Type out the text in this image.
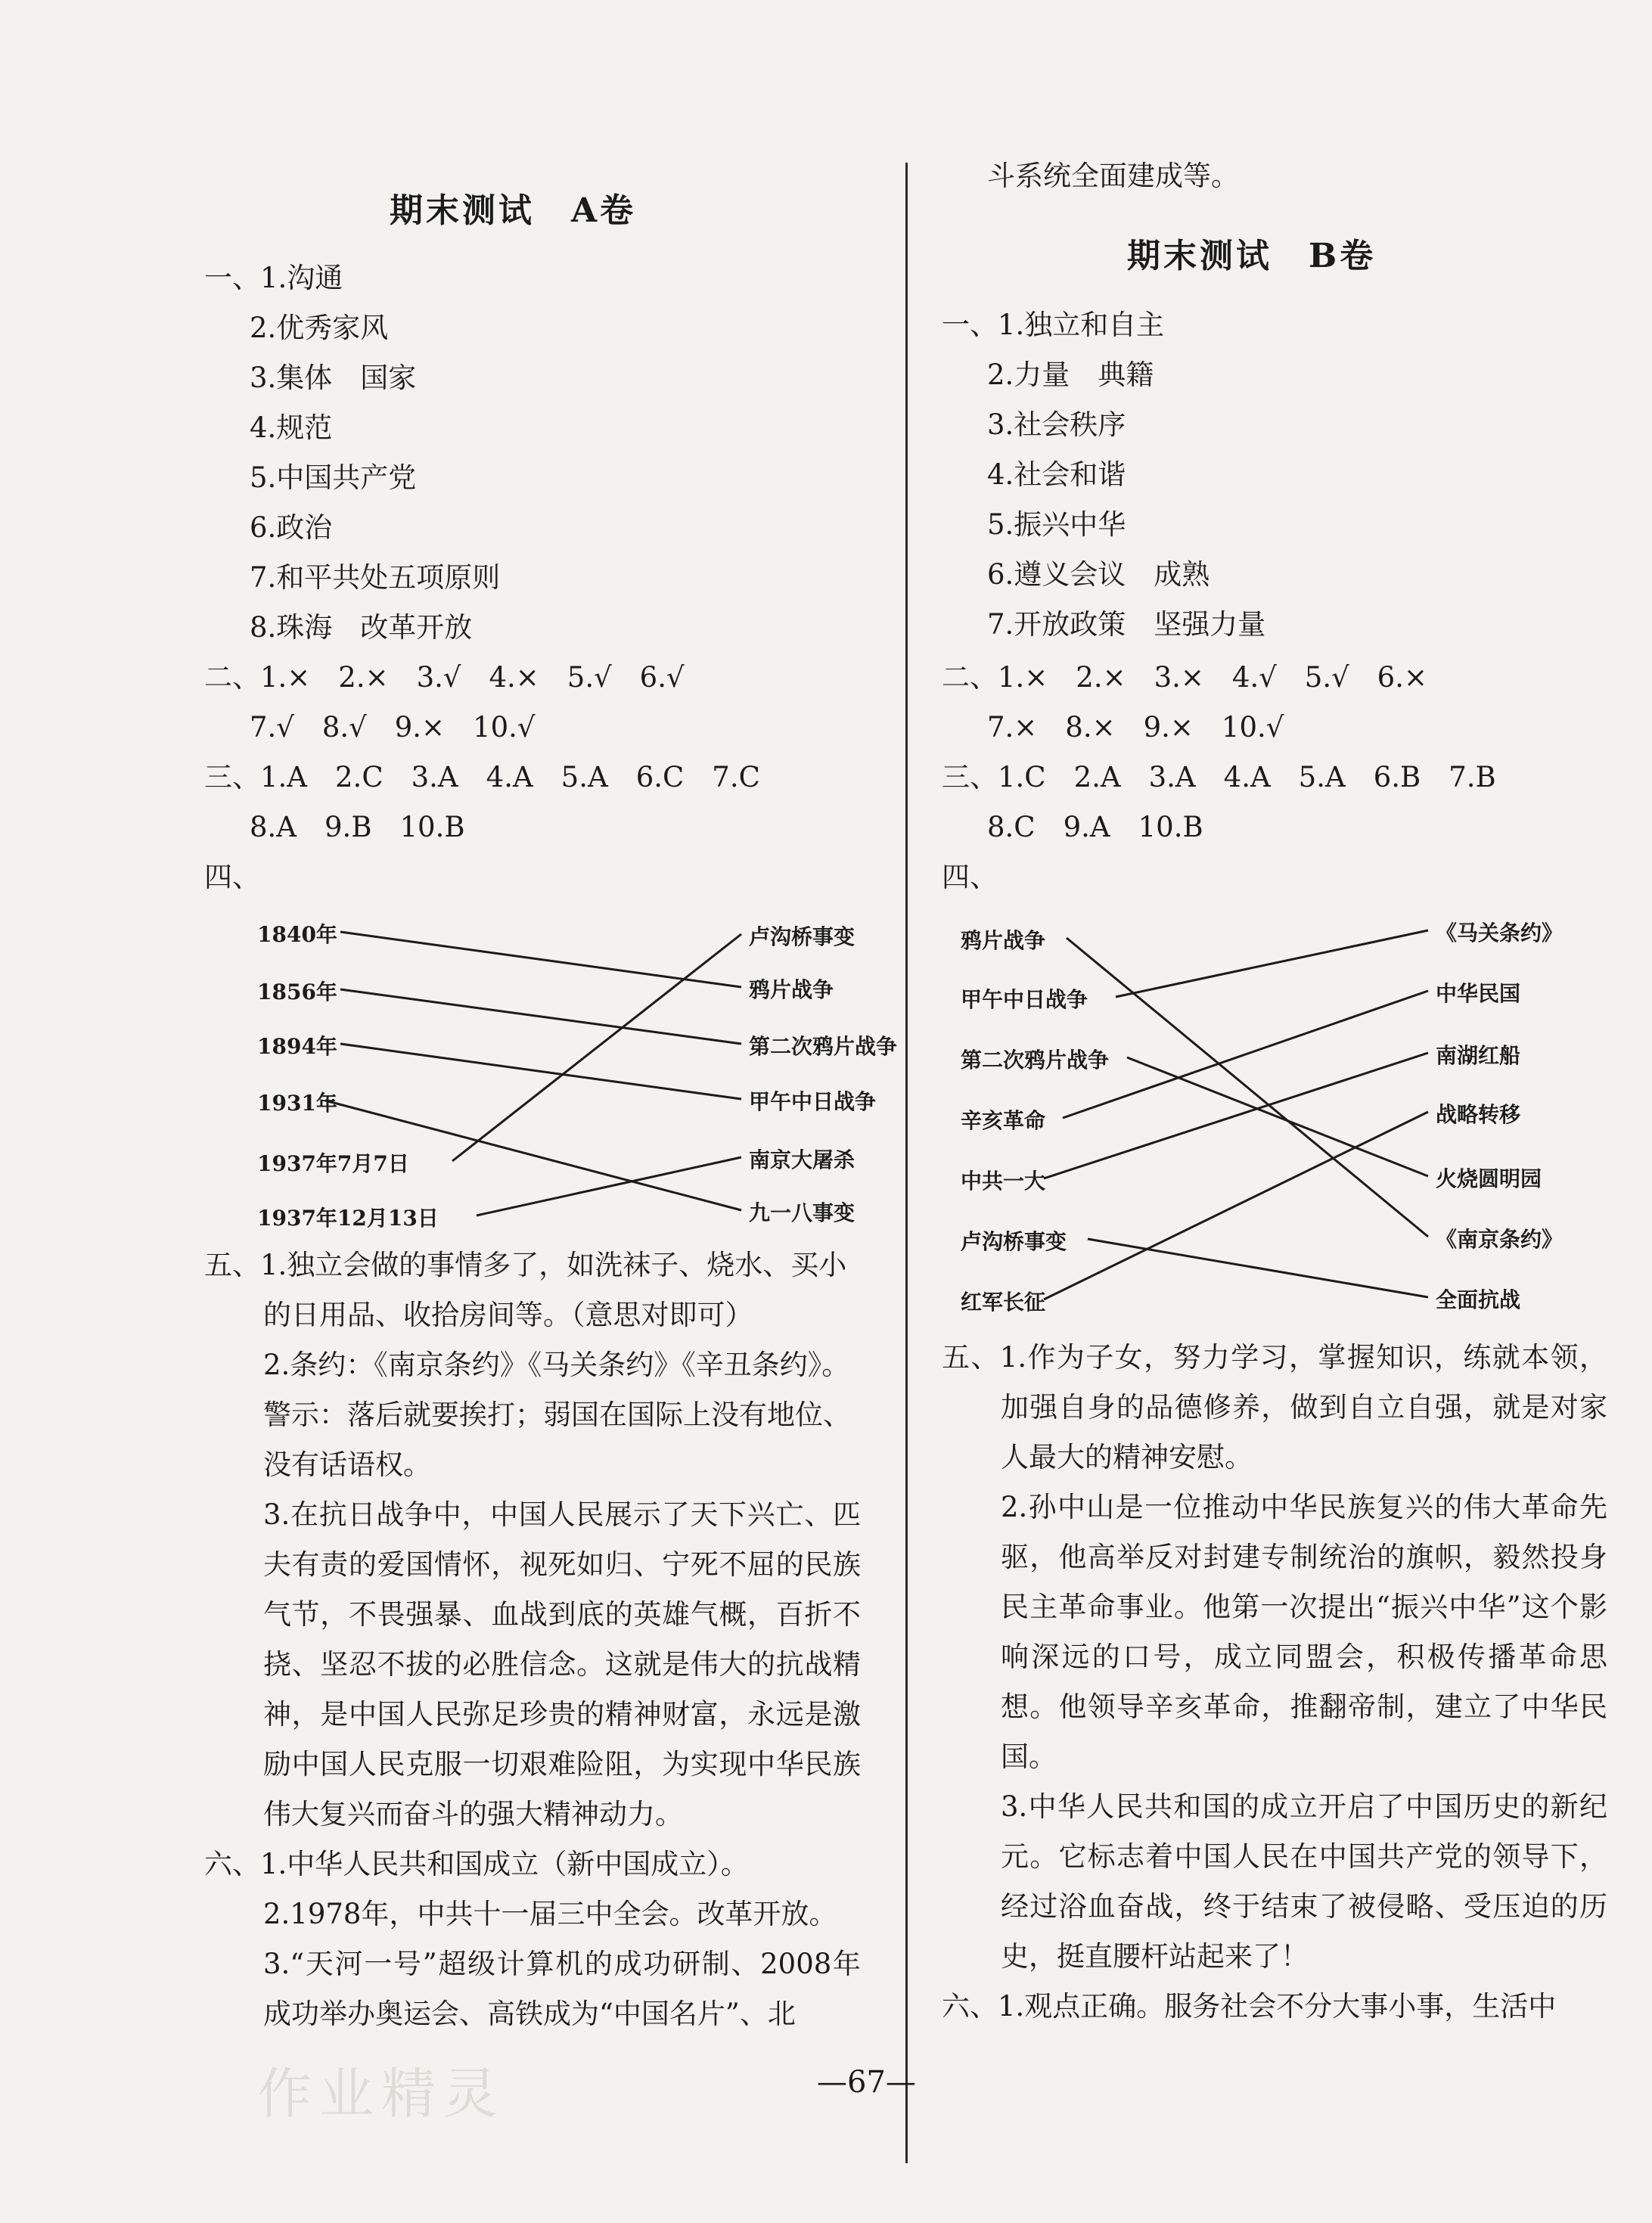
期末测试　A卷
一、1.沟通
2.优秀家风
3.集体　国家
4.规范
5.中国共产党
6.政治
7.和平共处五项原则
8.珠海　改革开放
二、1.×　2.×　3.√　4.×　5.√　6.√
7.√　8.√　9.×　10.√
三、1.A　2.C　3.A　4.A　5.A　6.C　7.C
8.A　9.B　10.B
四、
1840年
1856年
1894年
1931年
1937年7月7日
1937年12月13日
卢沟桥事变
鸦片战争
第二次鸦片战争
甲午中日战争
南京大屠杀
九一八事变
五、1.独立会做的事情多了，如洗袜子、烧水、买小
的日用品、收拾房间等。（意思对即可）
2.条约：《南京条约》《马关条约》《辛丑条约》。
警示：落后就要挨打；弱国在国际上没有地位、
没有话语权。
3.在抗日战争中，中国人民展示了天下兴亡、匹夫有责的爱国情怀，视死如归、宁死不屈的民族气节，不畏强暴、血战到底的英雄气概，百折不挠、坚忍不拔的必胜信念。这就是伟大的抗战精神，是中国人民弥足珍贵的精神财富，永远是激励中国人民克服一切艰难险阻，为实现中华民族伟大复兴而奋斗的强大精神动力。
六、1.中华人民共和国成立（新中国成立）。
2.1978年，中共十一届三中全会。改革开放。
3.“天河一号”超级计算机的成功研制、2008年成功举办奥运会、高铁成为“中国名片”、北
斗系统全面建成等。
期末测试　B卷
一、1.独立和自主
2.力量　典籍
3.社会秩序
4.社会和谐
5.振兴中华
6.遵义会议　成熟
7.开放政策　坚强力量
二、1.×　2.×　3.×　4.√　5.√　6.×
7.×　8.×　9.×　10.√
三、1.C　2.A　3.A　4.A　5.A　6.B　7.B
8.C　9.A　10.B
四、
鸦片战争
甲午中日战争
第二次鸦片战争
辛亥革命
中共一大
卢沟桥事变
红军长征
《马关条约》
中华民国
南湖红船
战略转移
火烧圆明园
《南京条约》
全面抗战
五、1.作为子女，努力学习，掌握知识，练就本领，加强自身的品德修养，做到自立自强，就是对家人最大的精神安慰。
2.孙中山是一位推动中华民族复兴的伟大革命先驱，他高举反对封建专制统治的旗帜，毅然投身民主革命事业。他第一次提出“振兴中华”这个影响深远的口号，成立同盟会，积极传播革命思想。他领导辛亥革命，推翻帝制，建立了中华民国。
3.中华人民共和国的成立开启了中国历史的新纪元。它标志着中国人民在中国共产党的领导下，经过浴血奋战，终于结束了被侵略、受压迫的历史，挺直腰杆站起来了！
六、1.观点正确。服务社会不分大事小事，生活中
作业精灵	—67—
